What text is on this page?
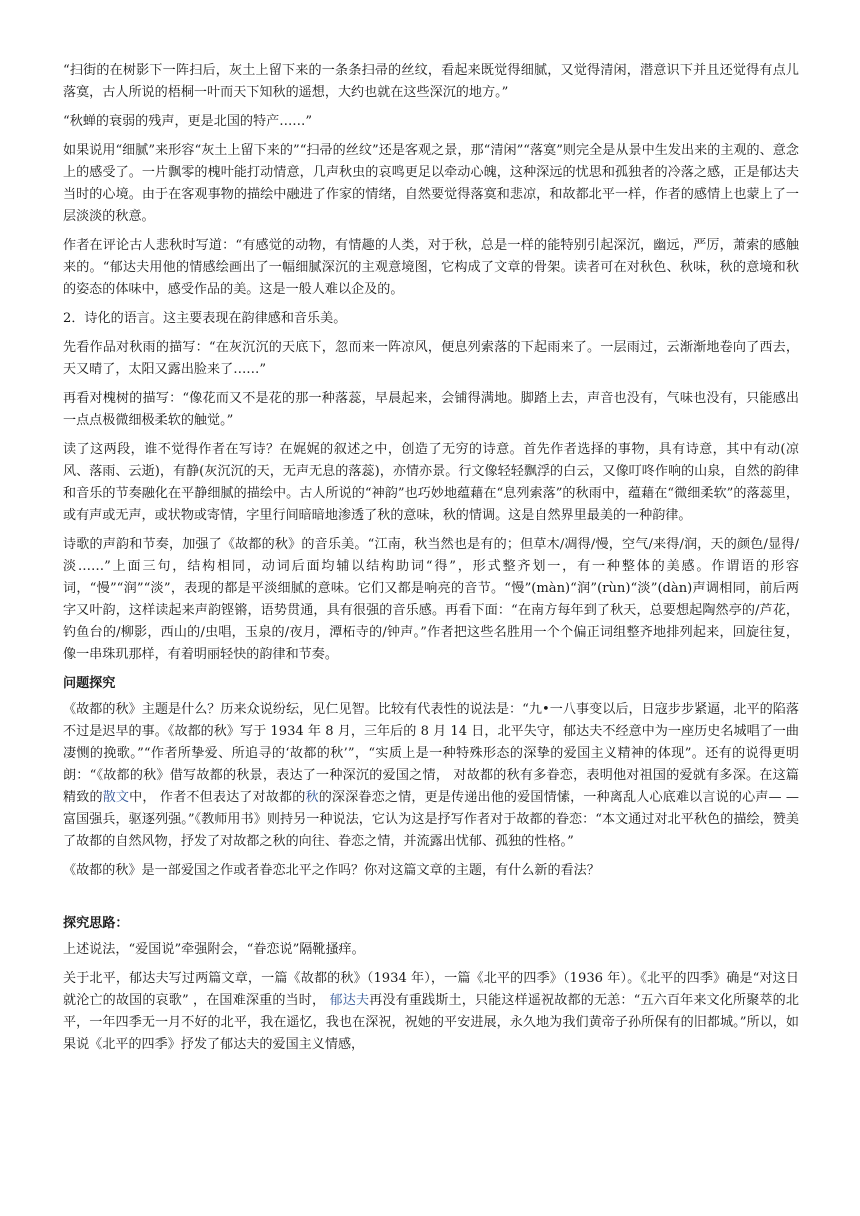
“扫街的在树影下一阵扫后，灰土上留下来的一条条扫帚的丝纹，看起来既觉得细腻，又觉得清闲，潜意识下并且还觉得有点儿落寞，古人所说的梧桐一叶而天下知秋的遥想，大约也就在这些深沉的地方。”

“秋蝉的衰弱的残声，更是北国的特产……”

如果说用“细腻”来形容“灰土上留下来的”“扫帚的丝纹”还是客观之景，那“清闲”“落寞”则完全是从景中生发出来的主观的、意念上的感受了。一片飘零的槐叶能打动情意，几声秋虫的哀鸣更足以牵动心魄，这种深远的忧思和孤独者的冷落之感，正是郁达夫当时的心境。由于在客观事物的描绘中融进了作家的情绪，自然要觉得落寞和悲凉，和故都北平一样，作者的感情上也蒙上了一层淡淡的秋意。

作者在评论古人悲秋时写道：“有感觉的动物，有情趣的人类，对于秋，总是一样的能特别引起深沉，幽远，严厉，萧索的感触来的。“郁达夫用他的情感绘画出了一幅细腻深沉的主观意境图，它构成了文章的骨架。读者可在对秋色、秋味，秋的意境和秋的姿态的体味中，感受作品的美。这是一般人难以企及的。

2．诗化的语言。这主要表现在韵律感和音乐美。

先看作品对秋雨的描写：“在灰沉沉的天底下，忽而来一阵凉风，便息列索落的下起雨来了。一层雨过，云渐渐地卷向了西去，天又晴了，太阳又露出脸来了……”

再看对槐树的描写：“像花而又不是花的那一种落蕊，早晨起来，会铺得满地。脚踏上去，声音也没有，气味也没有，只能感出一点点极微细极柔软的触觉。”

读了这两段，谁不觉得作者在写诗？在娓娓的叙述之中，创造了无穷的诗意。首先作者选择的事物，具有诗意，其中有动(凉风、落雨、云逝)，有静(灰沉沉的天，无声无息的落蕊)，亦情亦景。行文像轻轻飘浮的白云，又像叮咚作响的山泉，自然的韵律和音乐的节奏融化在平静细腻的描绘中。古人所说的“神韵”也巧妙地蕴藉在“息列索落”的秋雨中，蕴藉在“微细柔软”的落蕊里，或有声或无声，或状物或寄情，字里行间暗暗地渗透了秋的意味，秋的情调。这是自然界里最美的一种韵律。

诗歌的声韵和节奏，加强了《故都的秋》的音乐美。“江南，秋当然也是有的；但草木/凋得/慢，空气/来得/润，天的颜色/显得/淡……”上面三句，结构相同，动词后面均辅以结构助词“得”，形式整齐划一，有一种整体的美感。作谓语的形容词，“慢”“润”“淡”，表现的都是平淡细腻的意味。它们又都是响亮的音节。“慢”(màn)“润”(rùn)“淡”(dàn)声调相同，前后两字又叶韵，这样读起来声韵铿锵，语势贯通，具有很强的音乐感。再看下面：“在南方每年到了秋天，总要想起陶然亭的/芦花，钓鱼台的/柳影，西山的/虫唱，玉泉的/夜月，潭柘寺的/钟声。”作者把这些名胜用一个个偏正词组整齐地排列起来，回旋往复，像一串珠玑那样，有着明丽轻快的韵律和节奏。

问题探究

《故都的秋》主题是什么？历来众说纷纭，见仁见智。比较有代表性的说法是：“九•一八事变以后，日寇步步紧逼，北平的陷落不过是迟早的事。《故都的秋》写于 1934 年 8 月，三年后的 8 月 14 日，北平失守，郁达夫不经意中为一座历史名城唱了一曲凄恻的挽歌。”“作者所挚爱、所追寻的‘故都的秋’”，“实质上是一种特殊形态的深挚的爱国主义精神的体现”。还有的说得更明朗：“《故都的秋》借写故都的秋景，表达了一种深沉的爱国之情， 对故都的秋有多眷恋，表明他对祖国的爱就有多深。在这篇精致的散文中， 作者不但表达了对故都的秋的深深眷恋之情，更是传递出他的爱国情愫，一种离乱人心底难以言说的心声— —富国强兵，驱逐列强。”《教师用书》则持另一种说法，它认为这是抒写作者对于故都的眷恋：“本文通过对北平秋色的描绘，赞美了故都的自然风物，抒发了对故都之秋的向往、眷恋之情，并流露出忧郁、孤独的性格。”

《故都的秋》是一部爱国之作或者眷恋北平之作吗？你对这篇文章的主题，有什么新的看法？

探究思路：

上述说法，“爱国说”牵强附会，“眷恋说”隔靴搔痒。

关于北平，郁达夫写过两篇文章，一篇《故都的秋》（1934 年），一篇《北平的四季》（1936 年）。《北平的四季》确是“对这日就沦亡的故国的哀歌” ，在国难深重的当时， 郁达夫再没有重践斯土，只能这样遥祝故都的无恙：“五六百年来文化所聚萃的北平，一年四季无一月不好的北平，我在遥忆，我也在深祝，祝她的平安进展，永久地为我们黄帝子孙所保有的旧都城。”所以，如果说《北平的四季》抒发了郁达夫的爱国主义情感，
